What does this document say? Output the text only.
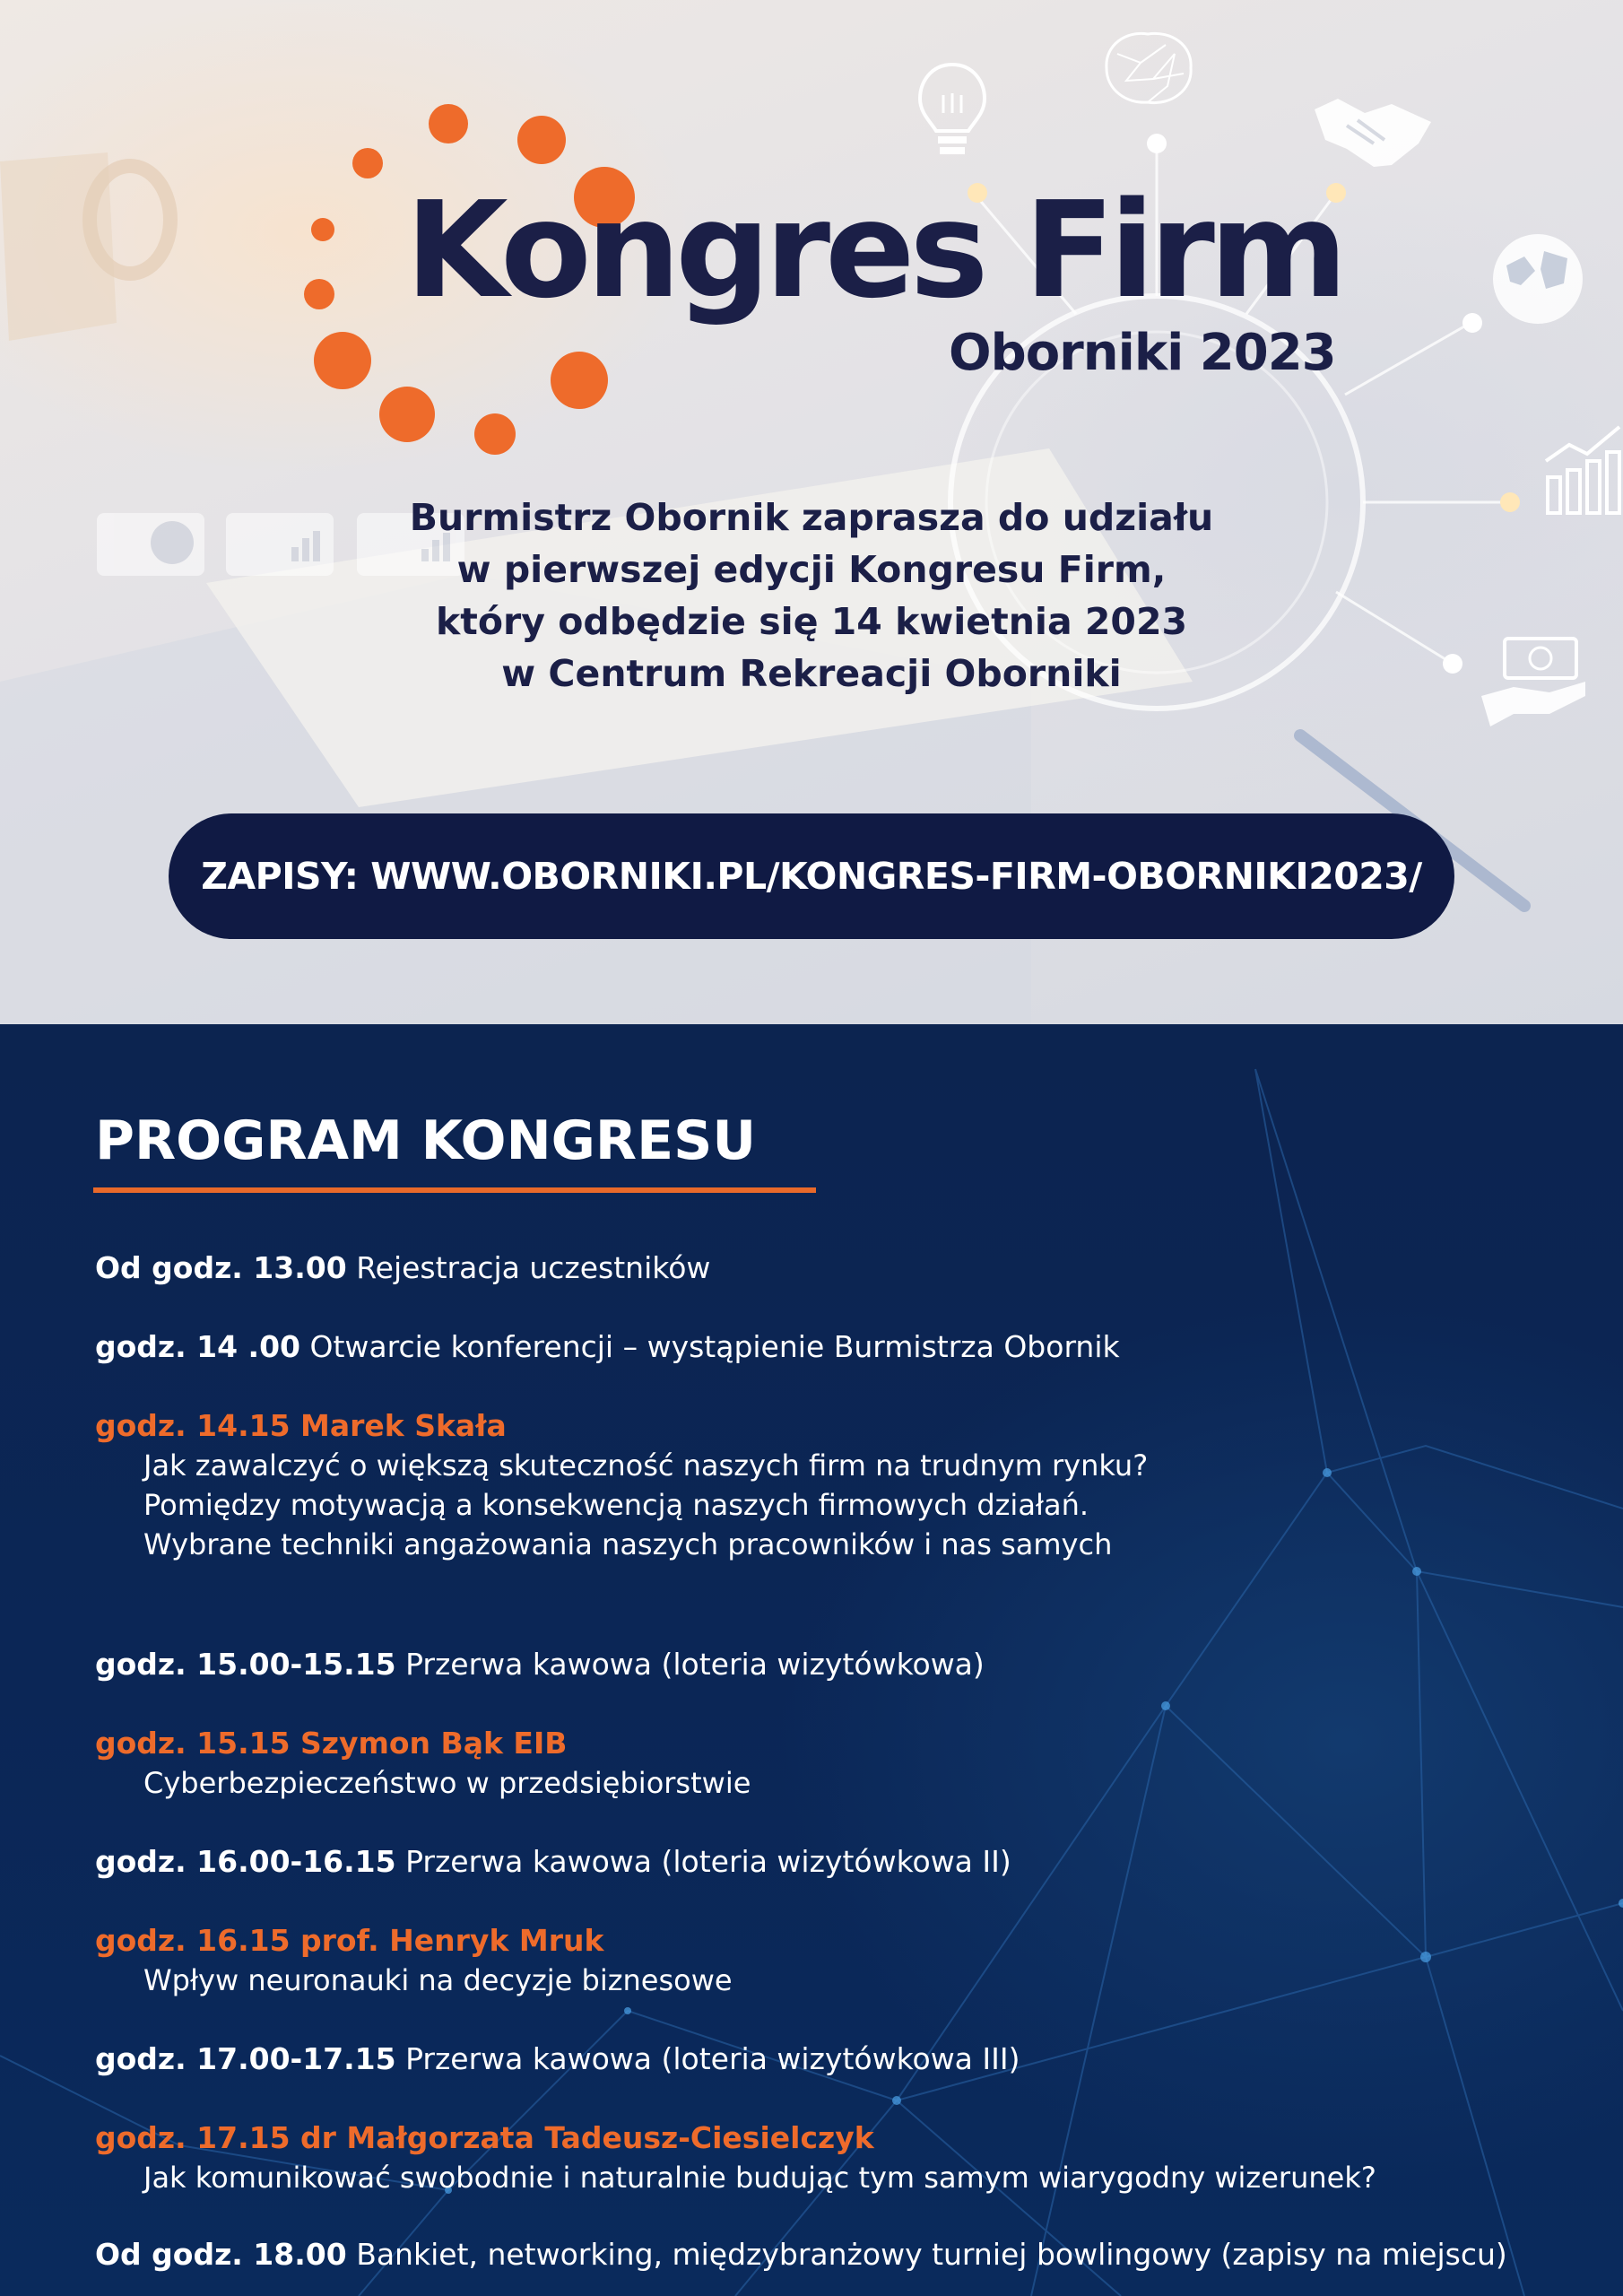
Kongres Firm
Oborniki 2023
Burmistrz Obornik zaprasza do udziału
w pierwszej edycji Kongresu Firm,
który odbędzie się 14 kwietnia 2023
w Centrum Rekreacji Oborniki
ZAPISY: WWW.OBORNIKI.PL/KONGRES-FIRM-OBORNIKI2023/
PROGRAM KONGRESU
Od godz. 13.00 Rejestracja uczestników
godz. 14 .00 Otwarcie konferencji – wystąpienie Burmistrza Obornik
godz. 14.15 Marek Skała
Jak zawalczyć o większą skuteczność naszych firm na trudnym rynku?
Pomiędzy motywacją a konsekwencją naszych firmowych działań.
Wybrane techniki angażowania naszych pracowników i nas samych
godz. 15.00-15.15 Przerwa kawowa (loteria wizytówkowa)
godz. 15.15 Szymon Bąk EIB
Cyberbezpieczeństwo w przedsiębiorstwie
godz. 16.00-16.15 Przerwa kawowa (loteria wizytówkowa II)
godz. 16.15 prof. Henryk Mruk
Wpływ neuronauki na decyzje biznesowe
godz. 17.00-17.15 Przerwa kawowa (loteria wizytówkowa III)
godz. 17.15 dr Małgorzata Tadeusz-Ciesielczyk
Jak komunikować swobodnie i naturalnie budując tym samym wiarygodny wizerunek?
Od godz. 18.00 Bankiet, networking, międzybranżowy turniej bowlingowy (zapisy na miejscu)
